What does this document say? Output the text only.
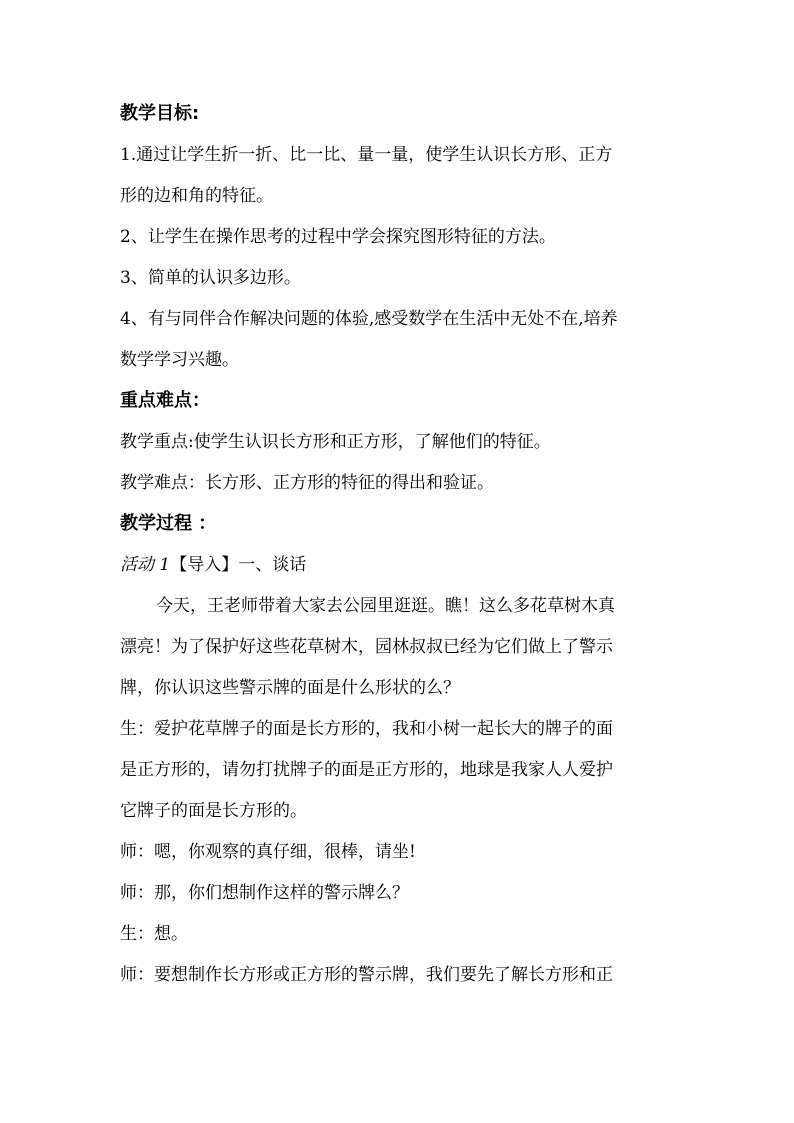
教学目标:

1.通过让学生折一折、比一比、量一量，使学生认识长方形、正方

形的边和角的特征。

2、让学生在操作思考的过程中学会探究图形特征的方法。

3、简单的认识多边形。

4、有与同伴合作解决问题的体验,感受数学在生活中无处不在,培养

数学学习兴趣。

重点难点：

教学重点:使学生认识长方形和正方形，了解他们的特征。

教学难点：长方形、正方形的特征的得出和验证。

教学过程 ：

活动 1【导入】一、谈话

今天，王老师带着大家去公园里逛逛。瞧！这么多花草树木真

漂亮！为了保护好这些花草树木，园林叔叔已经为它们做上了警示

牌，你认识这些警示牌的面是什么形状的么？

生：爱护花草牌子的面是长方形的，我和小树一起长大的牌子的面

是正方形的，请勿打扰牌子的面是正方形的，地球是我家人人爱护

它牌子的面是长方形的。

师：嗯，你观察的真仔细，很棒，请坐!

师：那，你们想制作这样的警示牌么？

生：想。

师：要想制作长方形或正方形的警示牌，我们要先了解长方形和正
